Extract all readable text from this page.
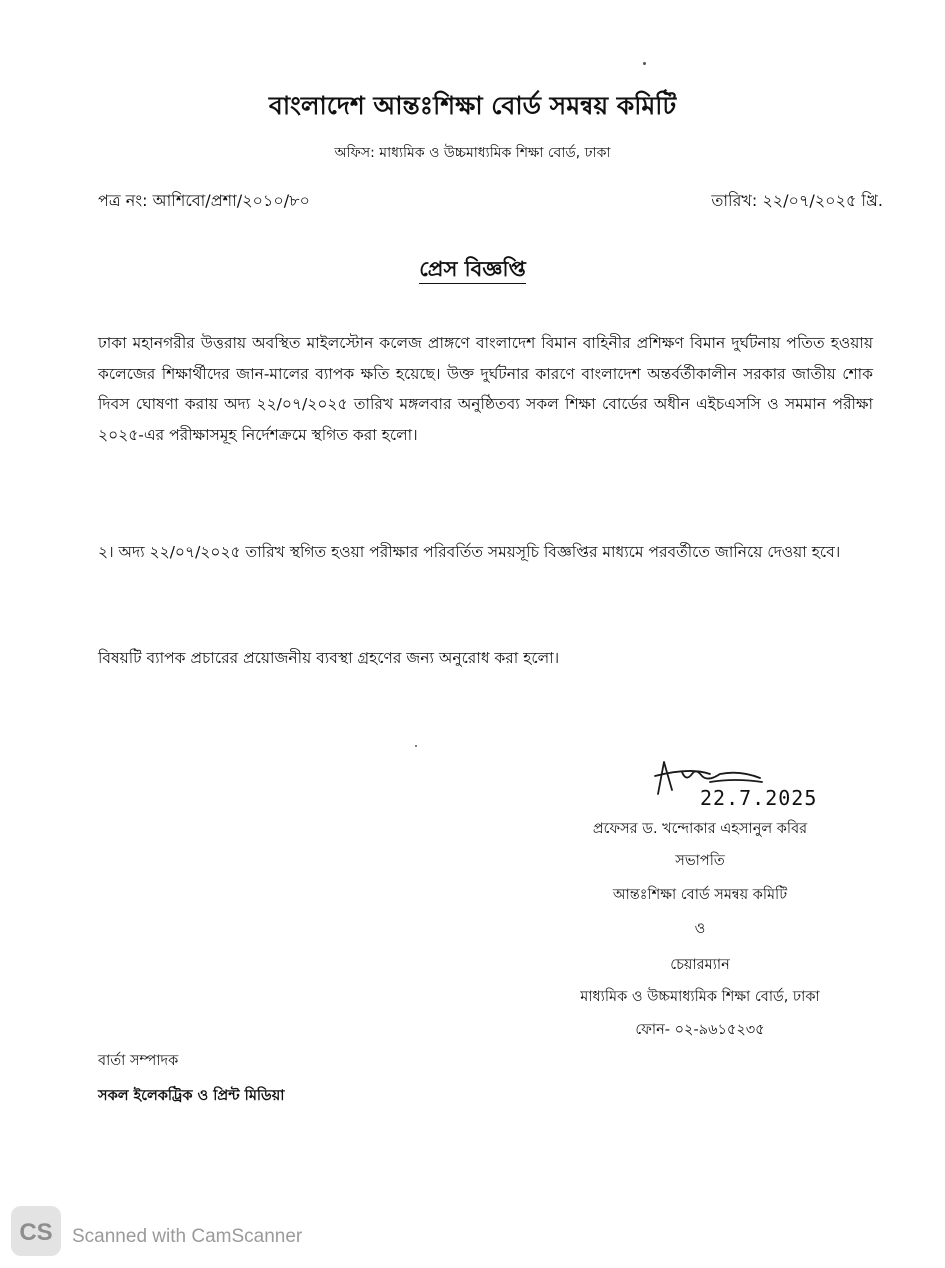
বাংলাদেশ আন্তঃশিক্ষা বোর্ড সমন্বয় কমিটি
অফিস: মাধ্যমিক ও উচ্চমাধ্যমিক শিক্ষা বোর্ড, ঢাকা
পত্র নং: আশিবো/প্রশা/২০১০/৮০	তারিখ: ২২/০৭/২০২৫ খ্রি.
প্রেস বিজ্ঞপ্তি

ঢাকা মহানগরীর উত্তরায় অবস্থিত মাইলস্টোন কলেজ প্রাঙ্গণে বাংলাদেশ বিমান বাহিনীর প্রশিক্ষণ বিমান দুর্ঘটনায় পতিত হওয়ায় কলেজের শিক্ষার্থীদের জান-মালের ব্যাপক ক্ষতি হয়েছে। উক্ত দুর্ঘটনার কারণে বাংলাদেশ অন্তর্বর্তীকালীন সরকার জাতীয় শোক দিবস ঘোষণা করায় অদ্য ২২/০৭/২০২৫ তারিখ মঙ্গলবার অনুষ্ঠিতব্য সকল শিক্ষা বোর্ডের অধীন এইচএসসি ও সমমান পরীক্ষা ২০২৫-এর পরীক্ষাসমূহ নির্দেশক্রমে স্থগিত করা হলো।

২। অদ্য ২২/০৭/২০২৫ তারিখ স্থগিত হওয়া পরীক্ষার পরিবর্তিত সময়সূচি বিজ্ঞপ্তির মাধ্যমে পরবর্তীতে জানিয়ে দেওয়া হবে।

বিষয়টি ব্যাপক প্রচারের প্রয়োজনীয় ব্যবস্থা গ্রহণের জন্য অনুরোধ করা হলো।

22.7.2025
প্রফেসর ড. খন্দোকার এহসানুল কবির
সভাপতি
আন্তঃশিক্ষা বোর্ড সমন্বয় কমিটি
ও
চেয়ারম্যান
মাধ্যমিক ও উচ্চমাধ্যমিক শিক্ষা বোর্ড, ঢাকা
ফোন- ০২-৯৬১৫২৩৫
বার্তা সম্পাদক
সকল ইলেকট্রিক ও প্রিন্ট মিডিয়া
CS Scanned with CamScanner
